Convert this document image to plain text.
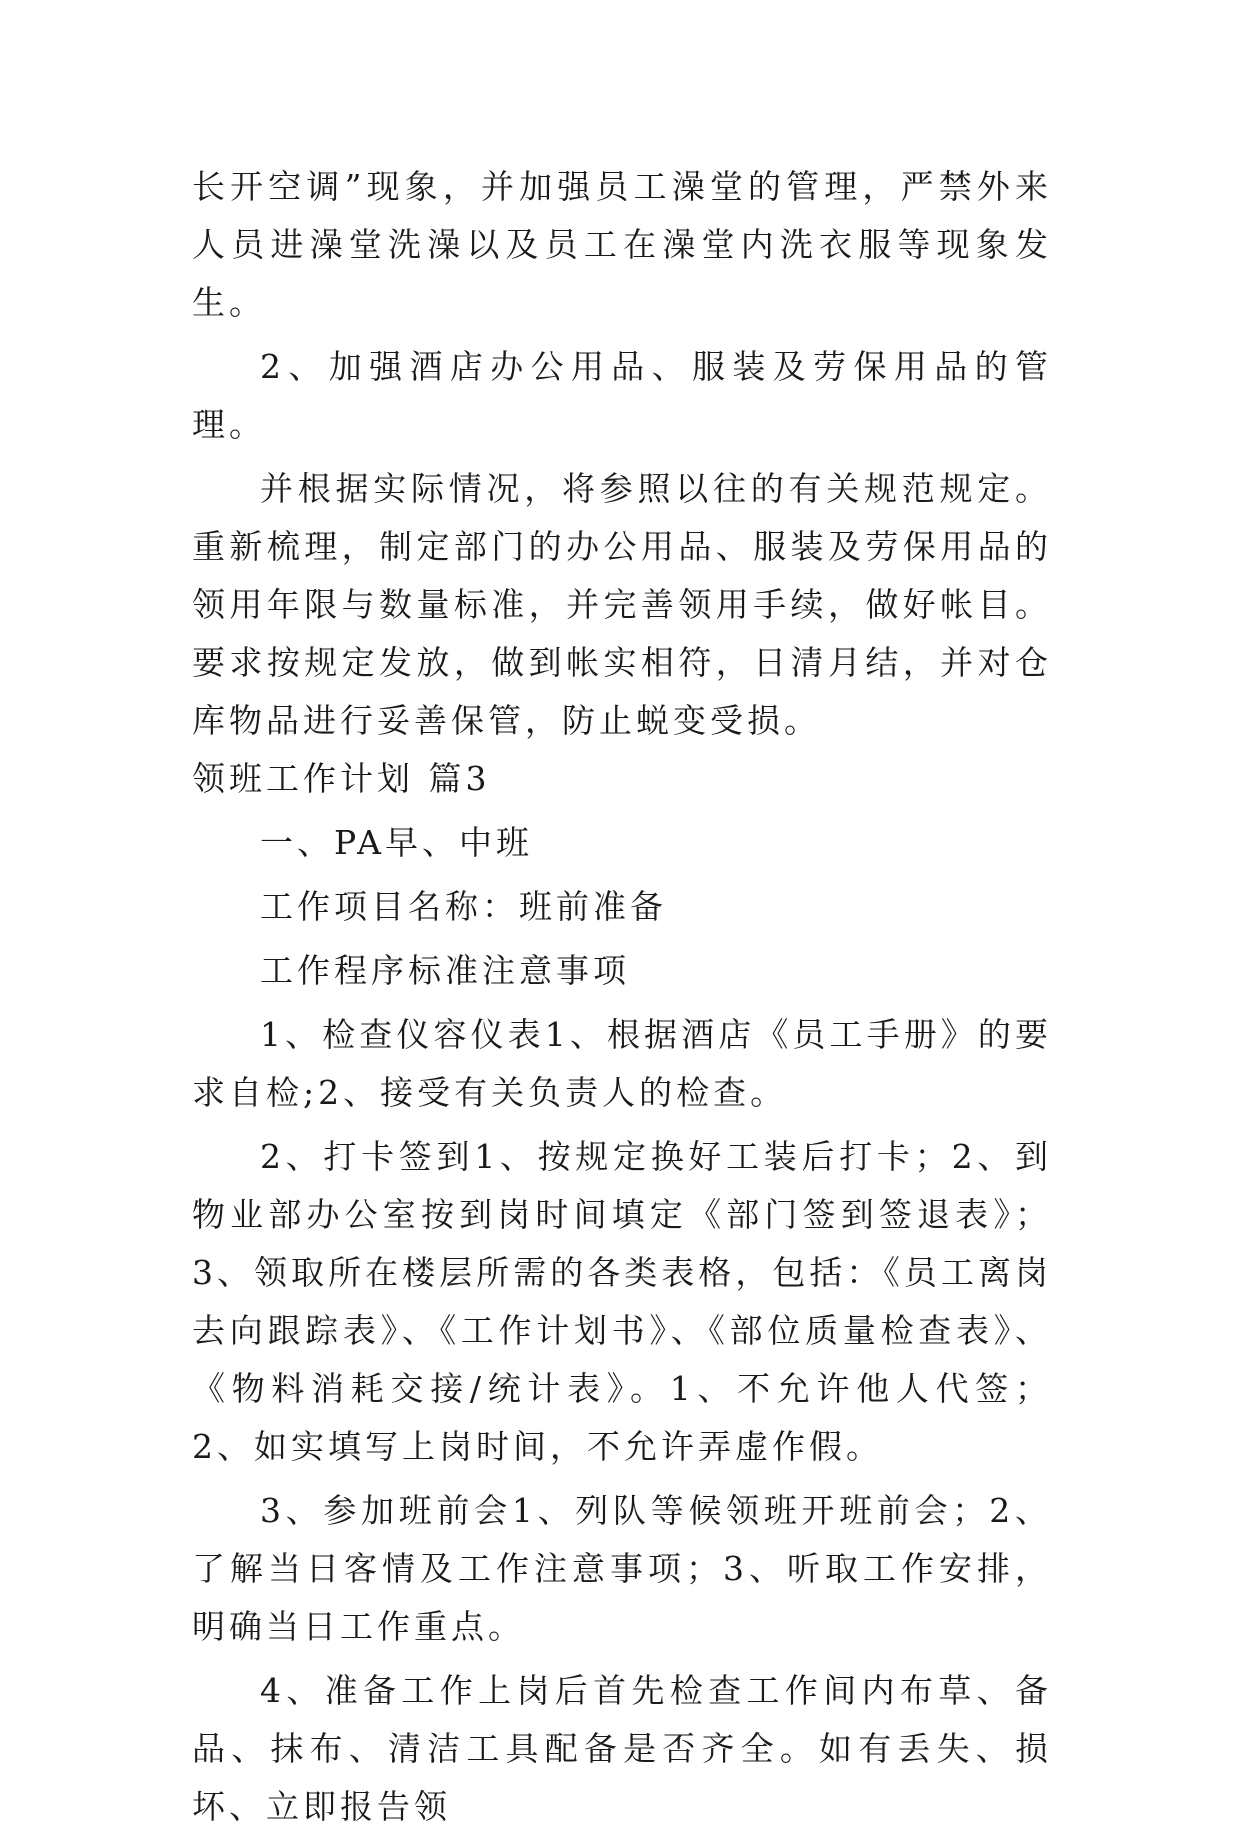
长开空调”现象，并加强员工澡堂的管理，严禁外来人员进澡堂洗澡以及员工在澡堂内洗衣服等现象发生。

2、加强酒店办公用品、服装及劳保用品的管理。

并根据实际情况，将参照以往的有关规范规定。重新梳理，制定部门的办公用品、服装及劳保用品的领用年限与数量标准，并完善领用手续，做好帐目。要求按规定发放，做到帐实相符，日清月结，并对仓库物品进行妥善保管，防止蜕变受损。

领班工作计划 篇3

一、PA早、中班

工作项目名称：班前准备

工作程序标准注意事项

1、检查仪容仪表1、根据酒店《员工手册》的要求自检;2、接受有关负责人的检查。

2、打卡签到1、按规定换好工装后打卡；2、到物业部办公室按到岗时间填定《部门签到签退表》；3、领取所在楼层所需的各类表格，包括：《员工离岗去向跟踪表》、《工作计划书》、《部位质量检查表》、《物料消耗交接/统计表》。1、不允许他人代签；2、如实填写上岗时间，不允许弄虚作假。

3、参加班前会1、列队等候领班开班前会；2、了解当日客情及工作注意事项；3、听取工作安排，明确当日工作重点。

4、准备工作上岗后首先检查工作间内布草、备品、抹布、清洁工具配备是否齐全。如有丢失、损坏、立即报告领
